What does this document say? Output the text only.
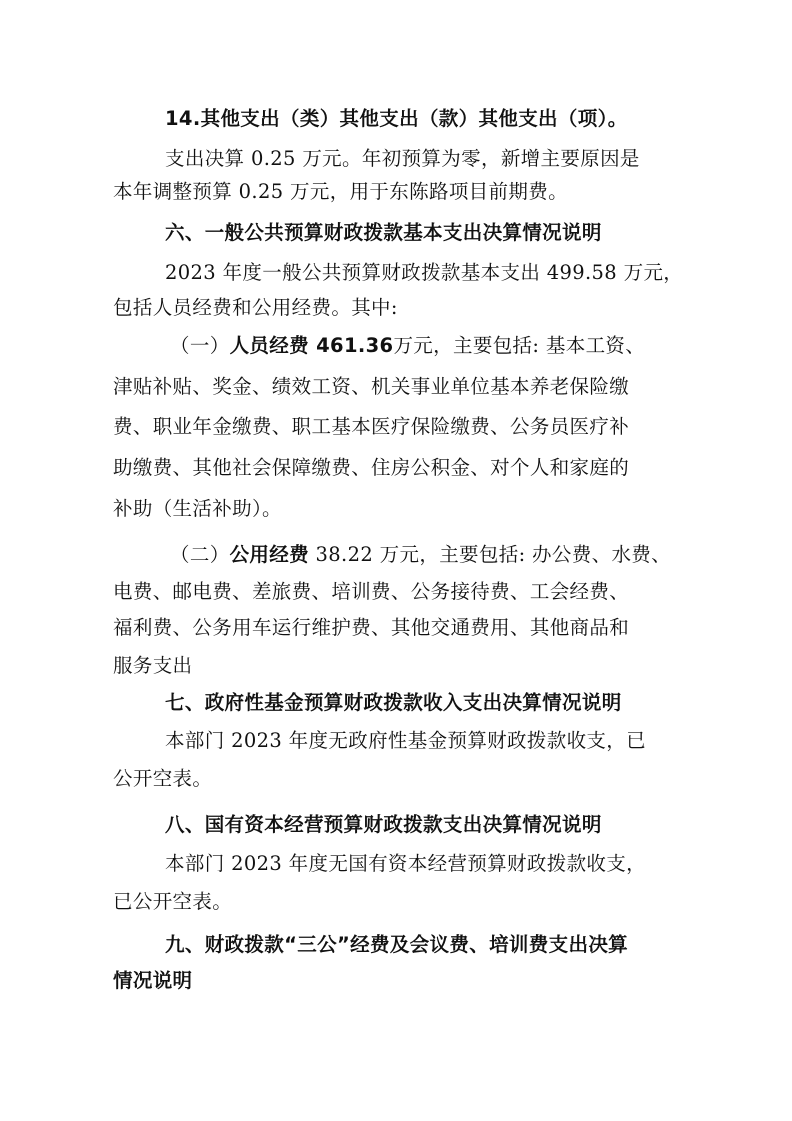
14.其他支出（类）其他支出（款）其他支出（项）。
支出决算 0.25 万元。年初预算为零，新增主要原因是
本年调整预算 0.25 万元，用于东陈路项目前期费。
六、一般公共预算财政拨款基本支出决算情况说明
2023 年度一般公共预算财政拨款基本支出 499.58 万元，
包括人员经费和公用经费。其中:
（一）人员经费 461.36万元，主要包括: 基本工资、
津贴补贴、奖金、绩效工资、机关事业单位基本养老保险缴
费、职业年金缴费、职工基本医疗保险缴费、公务员医疗补
助缴费、其他社会保障缴费、住房公积金、对个人和家庭的
补助（生活补助）。
（二）公用经费 38.22 万元，主要包括: 办公费、水费、
电费、邮电费、差旅费、培训费、公务接待费、工会经费、
福利费、公务用车运行维护费、其他交通费用、其他商品和
服务支出
七、政府性基金预算财政拨款收入支出决算情况说明
本部门 2023 年度无政府性基金预算财政拨款收支，已
公开空表。
八、国有资本经营预算财政拨款支出决算情况说明
本部门 2023 年度无国有资本经营预算财政拨款收支，
已公开空表。
九、财政拨款“三公”经费及会议费、培训费支出决算
情况说明
